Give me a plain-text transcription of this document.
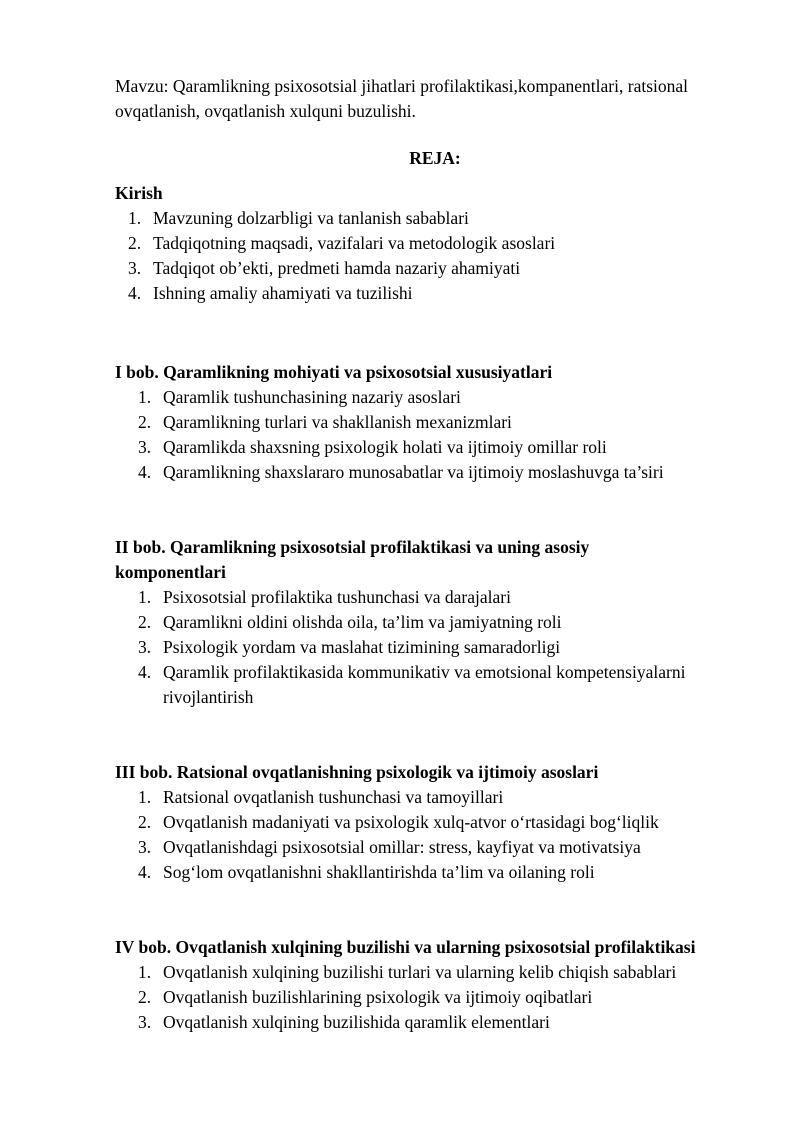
Mavzu: Qaramlikning psixosotsial jihatlari profilaktikasi,kompanentlari, ratsional ovqatlanish, ovqatlanish xulquni buzulishi.

REJA:
Kirish
1. Mavzuning dolzarbligi va tanlanish sabablari
2. Tadqiqotning maqsadi, vazifalari va metodologik asoslari
3. Tadqiqot ob’ekti, predmeti hamda nazariy ahamiyati
4. Ishning amaliy ahamiyati va tuzilishi
I bob. Qaramlikning mohiyati va psixosotsial xususiyatlari
1. Qaramlik tushunchasining nazariy asoslari
2. Qaramlikning turlari va shakllanish mexanizmlari
3. Qaramlikda shaxsning psixologik holati va ijtimoiy omillar roli
4. Qaramlikning shaxslararo munosabatlar va ijtimoiy moslashuvga ta’siri
II bob. Qaramlikning psixosotsial profilaktikasi va uning asosiy komponentlari
1. Psixosotsial profilaktika tushunchasi va darajalari
2. Qaramlikni oldini olishda oila, ta’lim va jamiyatning roli
3. Psixologik yordam va maslahat tizimining samaradorligi
4. Qaramlik profilaktikasida kommunikativ va emotsional kompetensiyalarni rivojlantirish
III bob. Ratsional ovqatlanishning psixologik va ijtimoiy asoslari
1. Ratsional ovqatlanish tushunchasi va tamoyillari
2. Ovqatlanish madaniyati va psixologik xulq-atvor o‘rtasidagi bog‘liqlik
3. Ovqatlanishdagi psixosotsial omillar: stress, kayfiyat va motivatsiya
4. Sog‘lom ovqatlanishni shakllantirishda ta’lim va oilaning roli
IV bob. Ovqatlanish xulqining buzilishi va ularning psixosotsial profilaktikasi
1. Ovqatlanish xulqining buzilishi turlari va ularning kelib chiqish sabablari
2. Ovqatlanish buzilishlarining psixologik va ijtimoiy oqibatlari
3. Ovqatlanish xulqining buzilishida qaramlik elementlari
